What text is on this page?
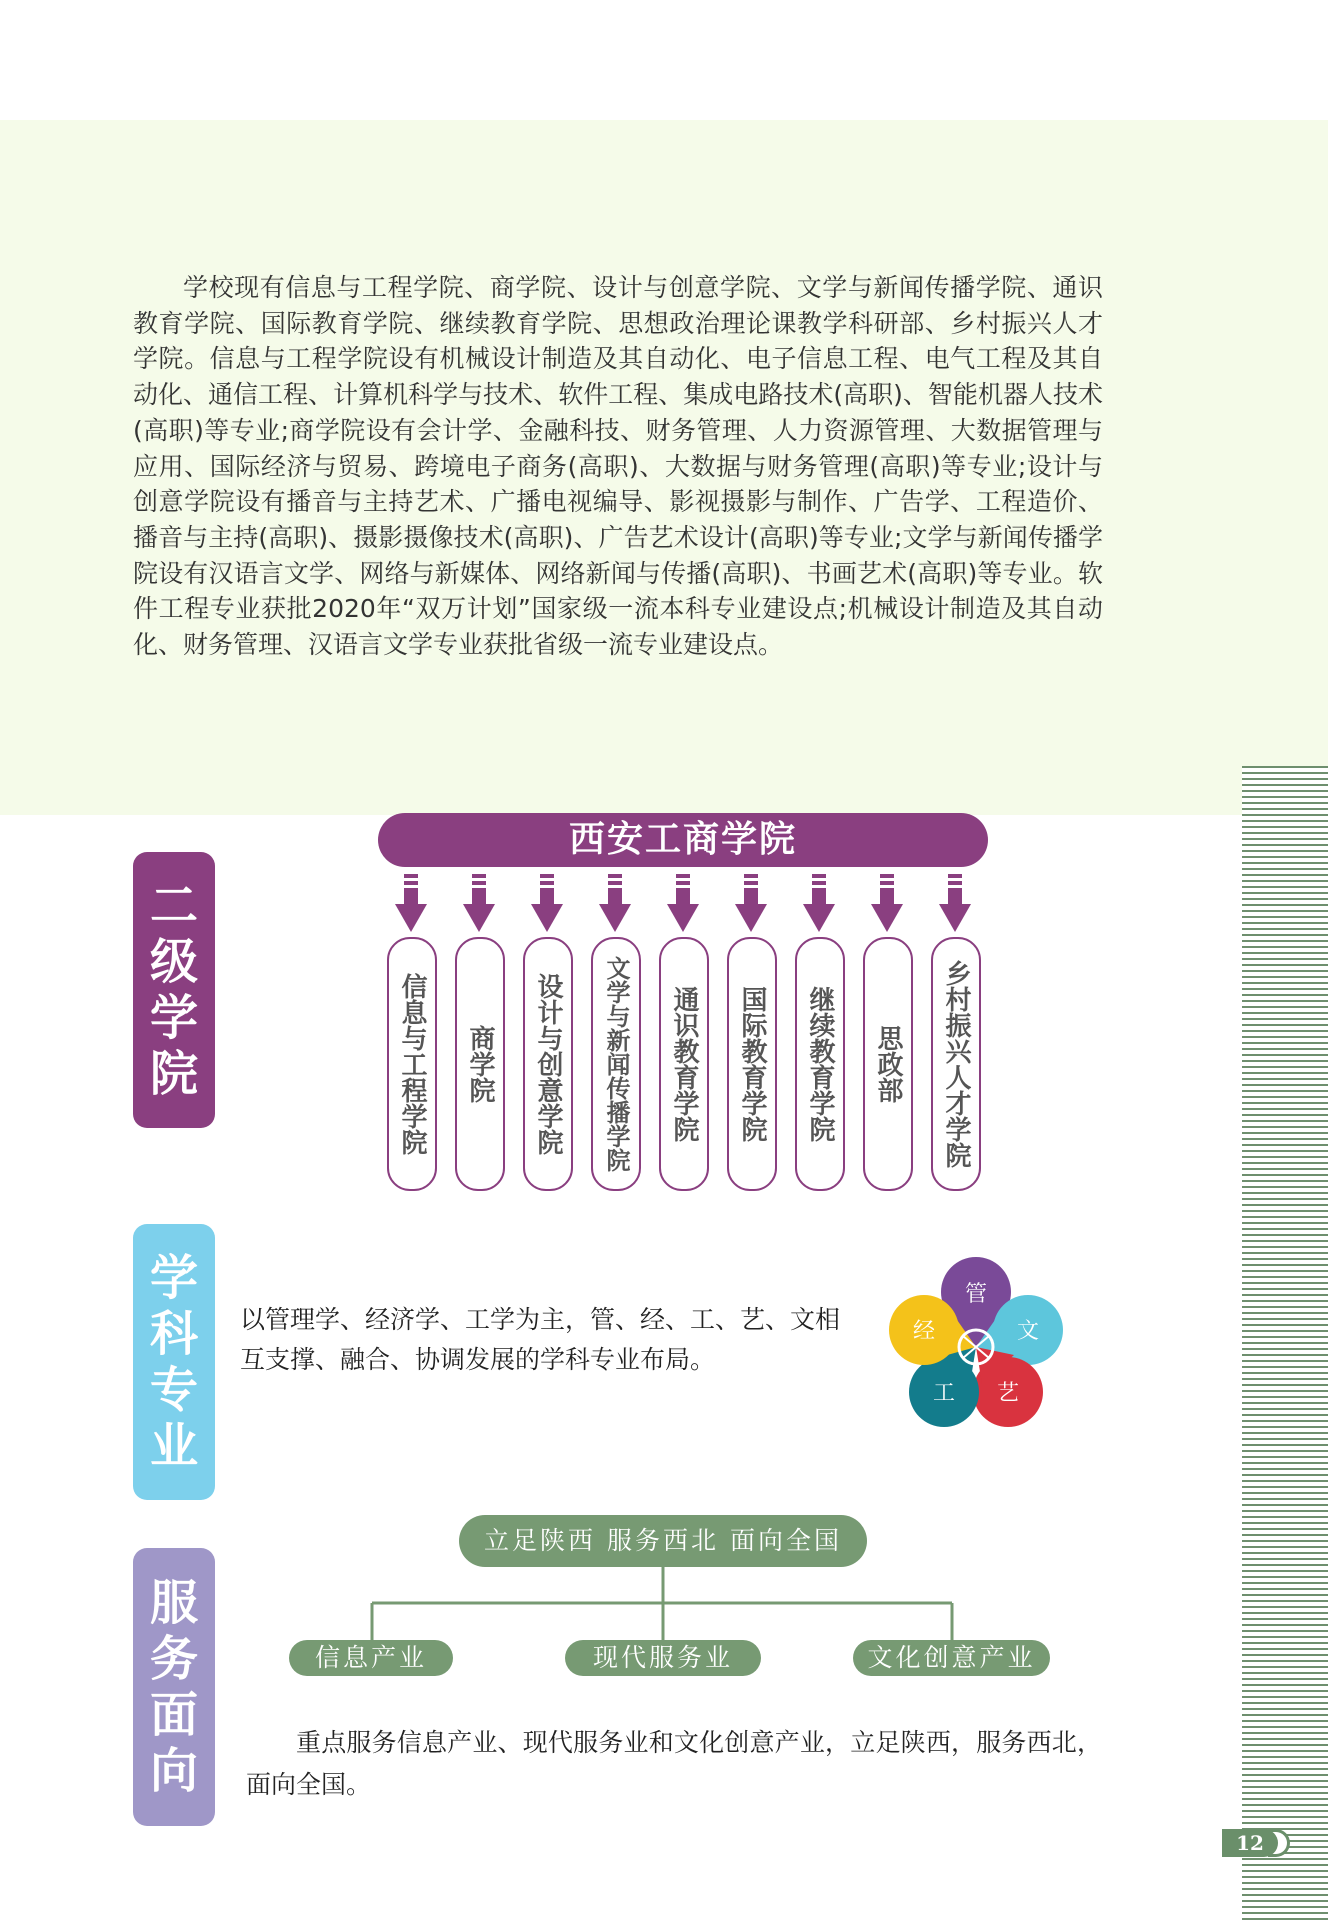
学校现有信息与工程学院、商学院、设计与创意学院、文学与新闻传播学院、通识教育学院、国际教育学院、继续教育学院、思想政治理论课教学科研部、乡村振兴人才学院。信息与工程学院设有机械设计制造及其自动化、电子信息工程、电气工程及其自动化、通信工程、计算机科学与技术、软件工程、集成电路技术(高职)、智能机器人技术(高职)等专业;商学院设有会计学、金融科技、财务管理、人力资源管理、大数据管理与应用、国际经济与贸易、跨境电子商务(高职)、大数据与财务管理(高职)等专业;设计与创意学院设有播音与主持艺术、广播电视编导、影视摄影与制作、广告学、工程造价、播音与主持(高职)、摄影摄像技术(高职)、广告艺术设计(高职)等专业;文学与新闻传播学院设有汉语言文学、网络与新媒体、网络新闻与传播(高职)、书画艺术(高职)等专业。软件工程专业获批2020年“双万计划”国家级一流本科专业建设点;机械设计制造及其自动化、财务管理、汉语言文学专业获批省级一流专业建设点。

12
二
级
学
院
西安工商学院
信息与工程学院 商学院 设计与创意学院 文学与新闻传播学院 通识教育学院 国际教育学院 继续教育学院 思政部 乡村振兴人才学院
学
科
专
业

以管理学、经济学、工学为主，管、经、工、艺、文相互支撑、融合、协调发展的学科专业布局。

管
文
艺
工
经
服
务
面
向
立足陕西 服务西北 面向全国
信息产业	现代服务业	文化创意产业

重点服务信息产业、现代服务业和文化创意产业，立足陕西，服务西北，面向全国。
